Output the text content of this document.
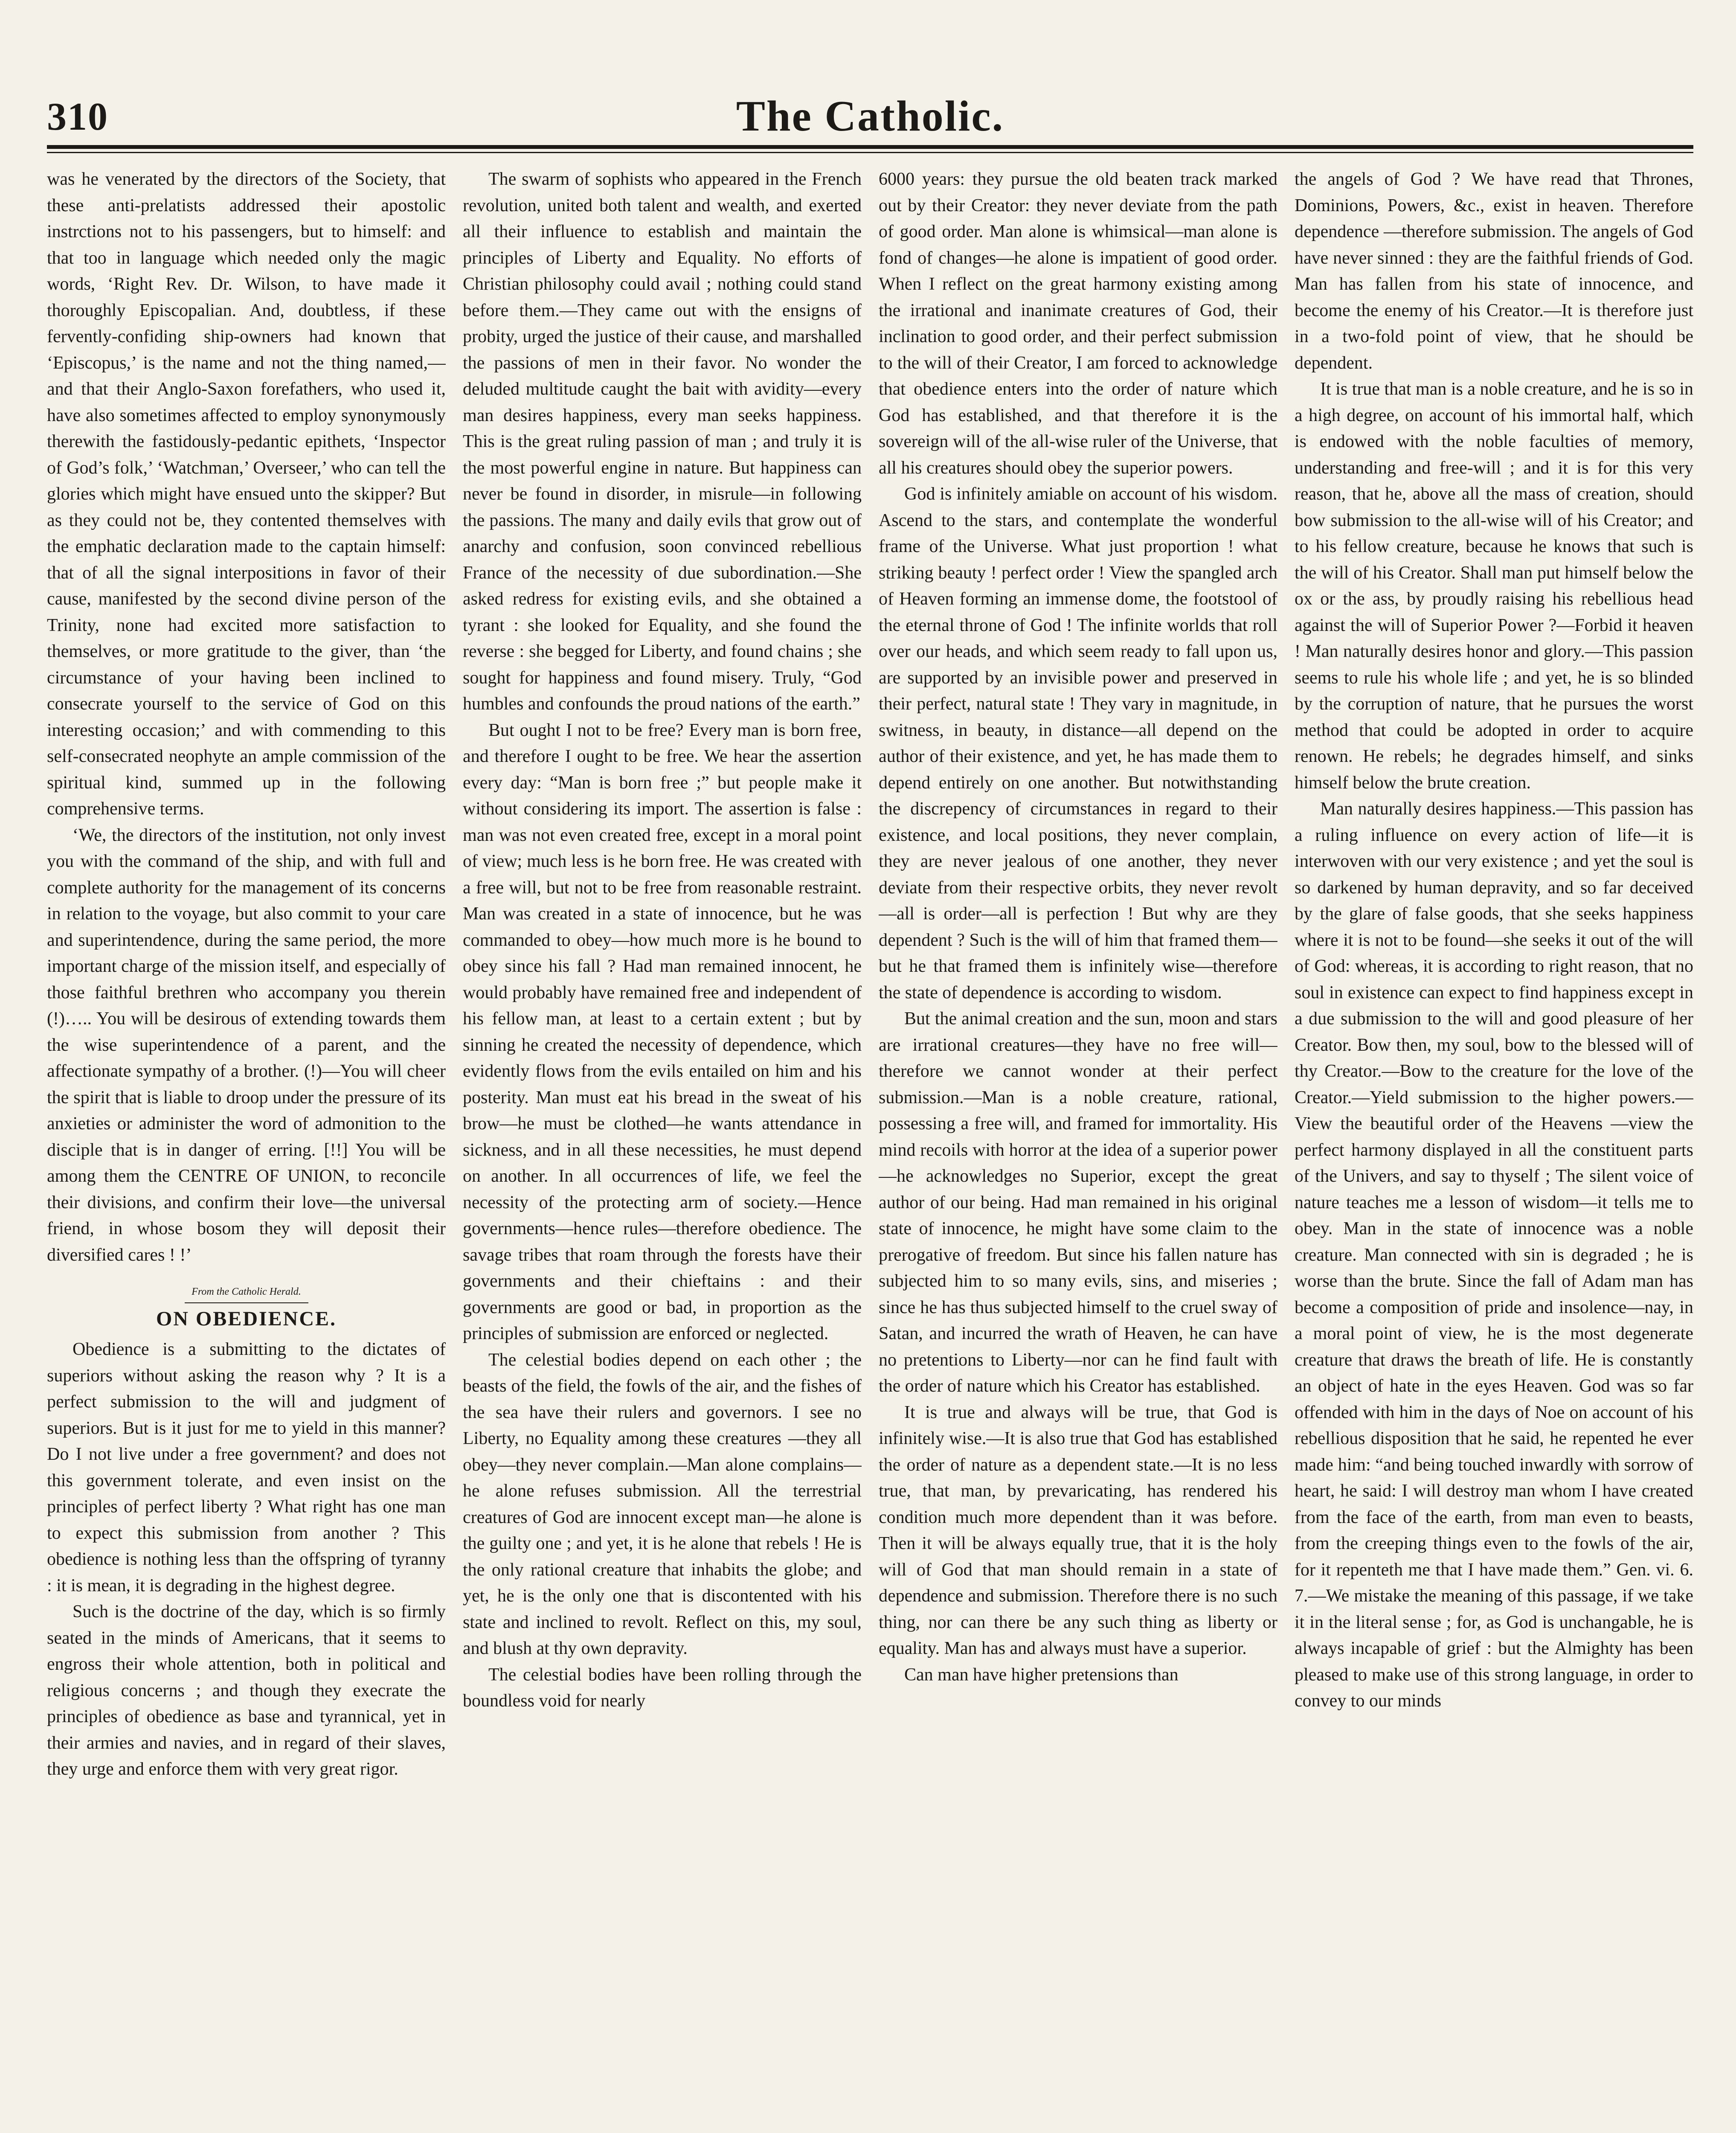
310	The Catholic.

was he venerated by the directors of the Society, that these anti-prelatists addressed their apostolic instrctions not to his passengers, but to himself: and that too in language which needed only the magic words, ‘Right Rev. Dr. Wilson, to have made it thoroughly Episcopalian. And, doubtless, if these fervently-confiding ship-owners had known that ‘Episcopus,’ is the name and not the thing named,—and that their Anglo-Saxon forefathers, who used it, have also sometimes affected to employ synonymously therewith the fastidously-pedantic epithets, ‘Inspector of God’s folk,’ ‘Watchman,’ Overseer,’ who can tell the glories which might have ensued unto the skipper? But as they could not be, they contented themselves with the emphatic declaration made to the captain himself: that of all the signal interpositions in favor of their cause, manifested by the second divine person of the Trinity, none had excited more satisfaction to themselves, or more gratitude to the giver, than ‘the circumstance of your having been inclined to consecrate yourself to the service of God on this interesting occasion;’ and with commending to this self-consecrated neophyte an ample commission of the spiritual kind, summed up in the following comprehensive terms.

‘We, the directors of the institution, not only invest you with the command of the ship, and with full and complete authority for the management of its concerns in relation to the voyage, but also commit to your care and superintendence, during the same period, the more important charge of the mission itself, and especially of those faithful brethren who accompany you therein (!)….. You will be desirous of extending towards them the wise superintendence of a parent, and the affectionate sympathy of a brother. (!)—You will cheer the spirit that is liable to droop under the pressure of its anxieties or administer the word of admonition to the disciple that is in danger of erring. [!!] You will be among them the CENTRE OF UNION, to reconcile their divisions, and confirm their love—the universal friend, in whose bosom they will deposit their diversified cares ! !’

From the Catholic Herald.
ON OBEDIENCE.

Obedience is a submitting to the dictates of superiors without asking the reason why ? It is a perfect submission to the will and judgment of superiors. But is it just for me to yield in this manner? Do I not live under a free government? and does not this government tolerate, and even insist on the principles of perfect liberty ? What right has one man to expect this submission from another ? This obedience is nothing less than the offspring of tyranny : it is mean, it is degrading in the highest degree.

Such is the doctrine of the day, which is so firmly seated in the minds of Americans, that it seems to engross their whole attention, both in political and religious concerns ; and though they execrate the principles of obedience as base and tyrannical, yet in their armies and navies, and in regard of their slaves, they urge and enforce them with very great rigor.

The swarm of sophists who appeared in the French revolution, united both talent and wealth, and exerted all their influence to establish and maintain the principles of Liberty and Equality. No efforts of Christian philosophy could avail ; nothing could stand before them.—They came out with the ensigns of probity, urged the justice of their cause, and marshalled the passions of men in their favor. No wonder the deluded multitude caught the bait with avidity—every man desires happiness, every man seeks happiness. This is the great ruling passion of man ; and truly it is the most powerful engine in nature. But happiness can never be found in disorder, in misrule—in following the passions. The many and daily evils that grow out of anarchy and confusion, soon convinced rebellious France of the necessity of due subordination.—She asked redress for existing evils, and she obtained a tyrant : she looked for Equality, and she found the reverse : she begged for Liberty, and found chains ; she sought for happiness and found misery. Truly, “God humbles and confounds the proud nations of the earth.”

But ought I not to be free? Every man is born free, and therefore I ought to be free. We hear the assertion every day: “Man is born free ;” but people make it without considering its import. The assertion is false : man was not even created free, except in a moral point of view; much less is he born free. He was created with a free will, but not to be free from reasonable restraint. Man was created in a state of innocence, but he was commanded to obey—how much more is he bound to obey since his fall ? Had man remained innocent, he would probably have remained free and independent of his fellow man, at least to a certain extent ; but by sinning he created the necessity of dependence, which evidently flows from the evils entailed on him and his posterity. Man must eat his bread in the sweat of his brow—he must be clothed—he wants attendance in sickness, and in all these necessities, he must depend on another. In all occurrences of life, we feel the necessity of the protecting arm of society.—Hence governments—hence rules—therefore obedience. The savage tribes that roam through the forests have their governments and their chieftains : and their governments are good or bad, in proportion as the principles of submission are enforced or neglected.

The celestial bodies depend on each other ; the beasts of the field, the fowls of the air, and the fishes of the sea have their rulers and governors. I see no Liberty, no Equality among these creatures —they all obey—they never complain.—Man alone complains—he alone refuses submission. All the terrestrial creatures of God are innocent except man—he alone is the guilty one ; and yet, it is he alone that rebels ! He is the only rational creature that inhabits the globe; and yet, he is the only one that is discontented with his state and inclined to revolt. Reflect on this, my soul, and blush at thy own depravity.

The celestial bodies have been rolling through the boundless void for nearly

6000 years: they pursue the old beaten track marked out by their Creator: they never deviate from the path of good order. Man alone is whimsical—man alone is fond of changes—he alone is impatient of good order. When I reflect on the great harmony existing among the irrational and inanimate creatures of God, their inclination to good order, and their perfect submission to the will of their Creator, I am forced to acknowledge that obedience enters into the order of nature which God has established, and that therefore it is the sovereign will of the all-wise ruler of the Universe, that all his creatures should obey the superior powers.

God is infinitely amiable on account of his wisdom. Ascend to the stars, and contemplate the wonderful frame of the Universe. What just proportion ! what striking beauty ! perfect order ! View the spangled arch of Heaven forming an immense dome, the footstool of the eternal throne of God ! The infinite worlds that roll over our heads, and which seem ready to fall upon us, are supported by an invisible power and preserved in their perfect, natural state ! They vary in magnitude, in switness, in beauty, in distance—all depend on the author of their existence, and yet, he has made them to depend entirely on one another. But notwithstanding the discrepency of circumstances in regard to their existence, and local positions, they never complain, they are never jealous of one another, they never deviate from their respective orbits, they never revolt—all is order—all is perfection ! But why are they dependent ? Such is the will of him that framed them—but he that framed them is infinitely wise—therefore the state of dependence is according to wisdom.

But the animal creation and the sun, moon and stars are irrational creatures—they have no free will—therefore we cannot wonder at their perfect submission.—Man is a noble creature, rational, possessing a free will, and framed for immortality. His mind recoils with horror at the idea of a superior power—he acknowledges no Superior, except the great author of our being. Had man remained in his original state of innocence, he might have some claim to the prerogative of freedom. But since his fallen nature has subjected him to so many evils, sins, and miseries ; since he has thus subjected himself to the cruel sway of Satan, and incurred the wrath of Heaven, he can have no pretentions to Liberty—nor can he find fault with the order of nature which his Creator has established.

It is true and always will be true, that God is infinitely wise.—It is also true that God has established the order of nature as a dependent state.—It is no less true, that man, by prevaricating, has rendered his condition much more dependent than it was before. Then it will be always equally true, that it is the holy will of God that man should remain in a state of dependence and submission. Therefore there is no such thing, nor can there be any such thing as liberty or equality. Man has and always must have a superior.

Can man have higher pretensions than

the angels of God ? We have read that Thrones, Dominions, Powers, &c., exist in heaven. Therefore dependence —therefore submission. The angels of God have never sinned : they are the faithful friends of God. Man has fallen from his state of innocence, and become the enemy of his Creator.—It is therefore just in a two-fold point of view, that he should be dependent.

It is true that man is a noble creature, and he is so in a high degree, on account of his immortal half, which is endowed with the noble faculties of memory, understanding and free-will ; and it is for this very reason, that he, above all the mass of creation, should bow submission to the all-wise will of his Creator; and to his fellow creature, because he knows that such is the will of his Creator. Shall man put himself below the ox or the ass, by proudly raising his rebellious head against the will of Superior Power ?—Forbid it heaven ! Man naturally desires honor and glory.—This passion seems to rule his whole life ; and yet, he is so blinded by the corruption of nature, that he pursues the worst method that could be adopted in order to acquire renown. He rebels; he degrades himself, and sinks himself below the brute creation.

Man naturally desires happiness.—This passion has a ruling influence on every action of life—it is interwoven with our very existence ; and yet the soul is so darkened by human depravity, and so far deceived by the glare of false goods, that she seeks happiness where it is not to be found—she seeks it out of the will of God: whereas, it is according to right reason, that no soul in existence can expect to find happiness except in a due submission to the will and good pleasure of her Creator. Bow then, my soul, bow to the blessed will of thy Creator.—Bow to the creature for the love of the Creator.—Yield submission to the higher powers.—View the beautiful order of the Heavens —view the perfect harmony displayed in all the constituent parts of the Univers, and say to thyself ; The silent voice of nature teaches me a lesson of wisdom—it tells me to obey. Man in the state of innocence was a noble creature. Man connected with sin is degraded ; he is worse than the brute. Since the fall of Adam man has become a composition of pride and insolence—nay, in a moral point of view, he is the most degenerate creature that draws the breath of life. He is constantly an object of hate in the eyes Heaven. God was so far offended with him in the days of Noe on account of his rebellious disposition that he said, he repented he ever made him: “and being touched inwardly with sorrow of heart, he said: I will destroy man whom I have created from the face of the earth, from man even to beasts, from the creeping things even to the fowls of the air, for it repenteth me that I have made them.” Gen. vi. 6. 7.—We mistake the meaning of this passage, if we take it in the literal sense ; for, as God is unchangable, he is always incapable of grief : but the Almighty has been pleased to make use of this strong language, in order to convey to our minds
